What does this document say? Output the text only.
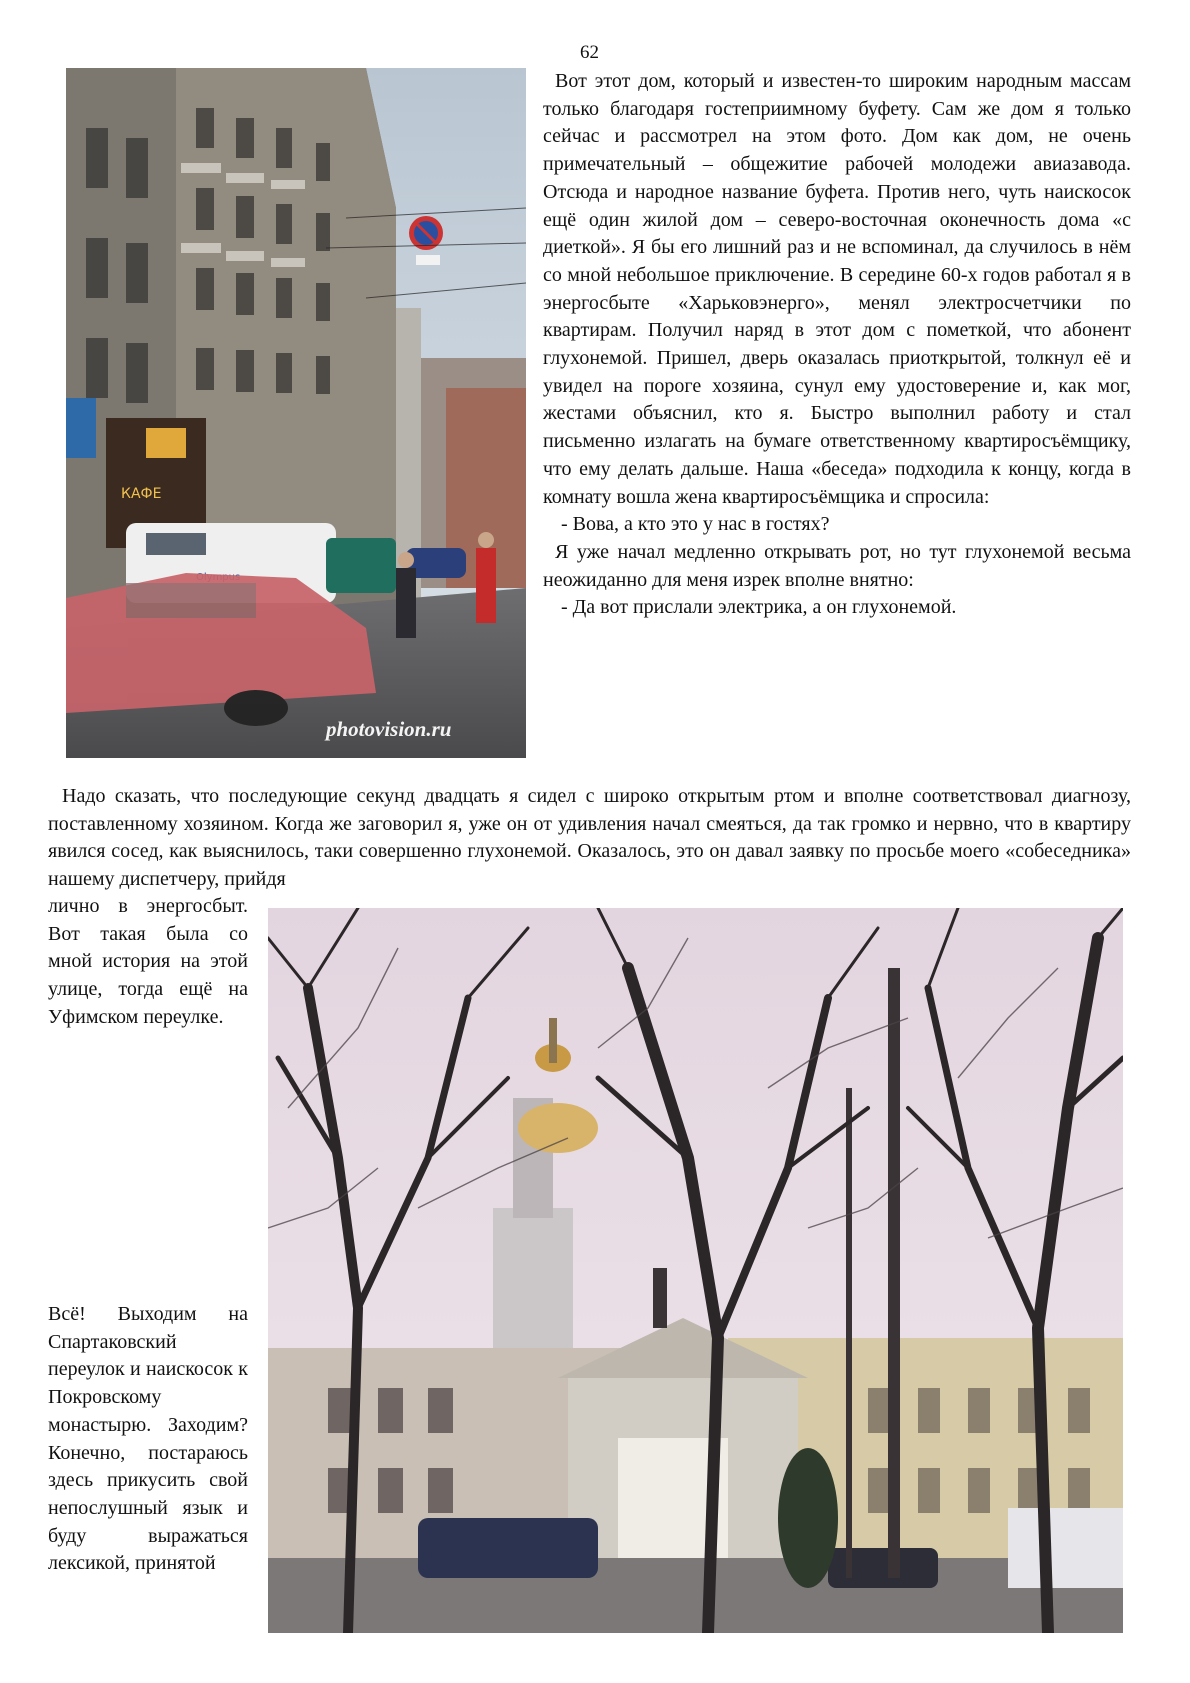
62
КАФЕ
photovision.ru

Вот этот дом, который и известен-то широким народным массам только благодаря гостеприимному буфету. Сам же дом я только сейчас и рассмотрел на этом фото. Дом как дом, не очень примечательный – общежитие рабочей молодежи авиазавода. Отсюда и народное название буфета. Против него, чуть наискосок ещё один жилой дом – северо-восточная оконечность дома «с диеткой». Я бы его лишний раз и не вспоминал, да случилось в нём со мной небольшое приключение. В середине 60-х годов работал я в энергосбыте «Харьковэнерго», менял электросчетчики по квартирам. Получил наряд в этот дом с пометкой, что абонент глухонемой. Пришел, дверь оказалась приоткрытой, толкнул её и увидел на пороге хозяина, сунул ему удостоверение и, как мог, жестами объяснил, кто я. Быстро выполнил работу и стал письменно излагать на бумаге ответственному квартиросъёмщику, что ему делать дальше. Наша «беседа» подходила к концу, когда в комнату вошла жена квартиросъёмщика и спросила:

- Вова, а кто это у нас в гостях?

Я уже начал медленно открывать рот, но тут глухонемой весьма неожиданно для меня изрек вполне внятно:

- Да вот прислали электрика, а он глухонемой.

Надо сказать, что последующие секунд двадцать я сидел с широко открытым ртом и вполне соответствовал диагнозу, поставленному хозяином. Когда же заговорил я, уже он от удивления начал смеяться, да так громко и нервно, что в квартиру явился сосед, как выяснилось, таки совершенно глухонемой. Оказалось, это он давал заявку по просьбе моего «собеседника» нашему диспетчеру, прийдя

лично в энергосбыт. Вот такая была со мной история на этой улице, тогда ещё на Уфимском переулке.

Всё! Выходим на Спартаковский переулок и наискосок к Покровскому монастырю. Заходим? Конечно, постараюсь здесь прикусить свой непослушный язык и буду выражаться лексикой, принятой
